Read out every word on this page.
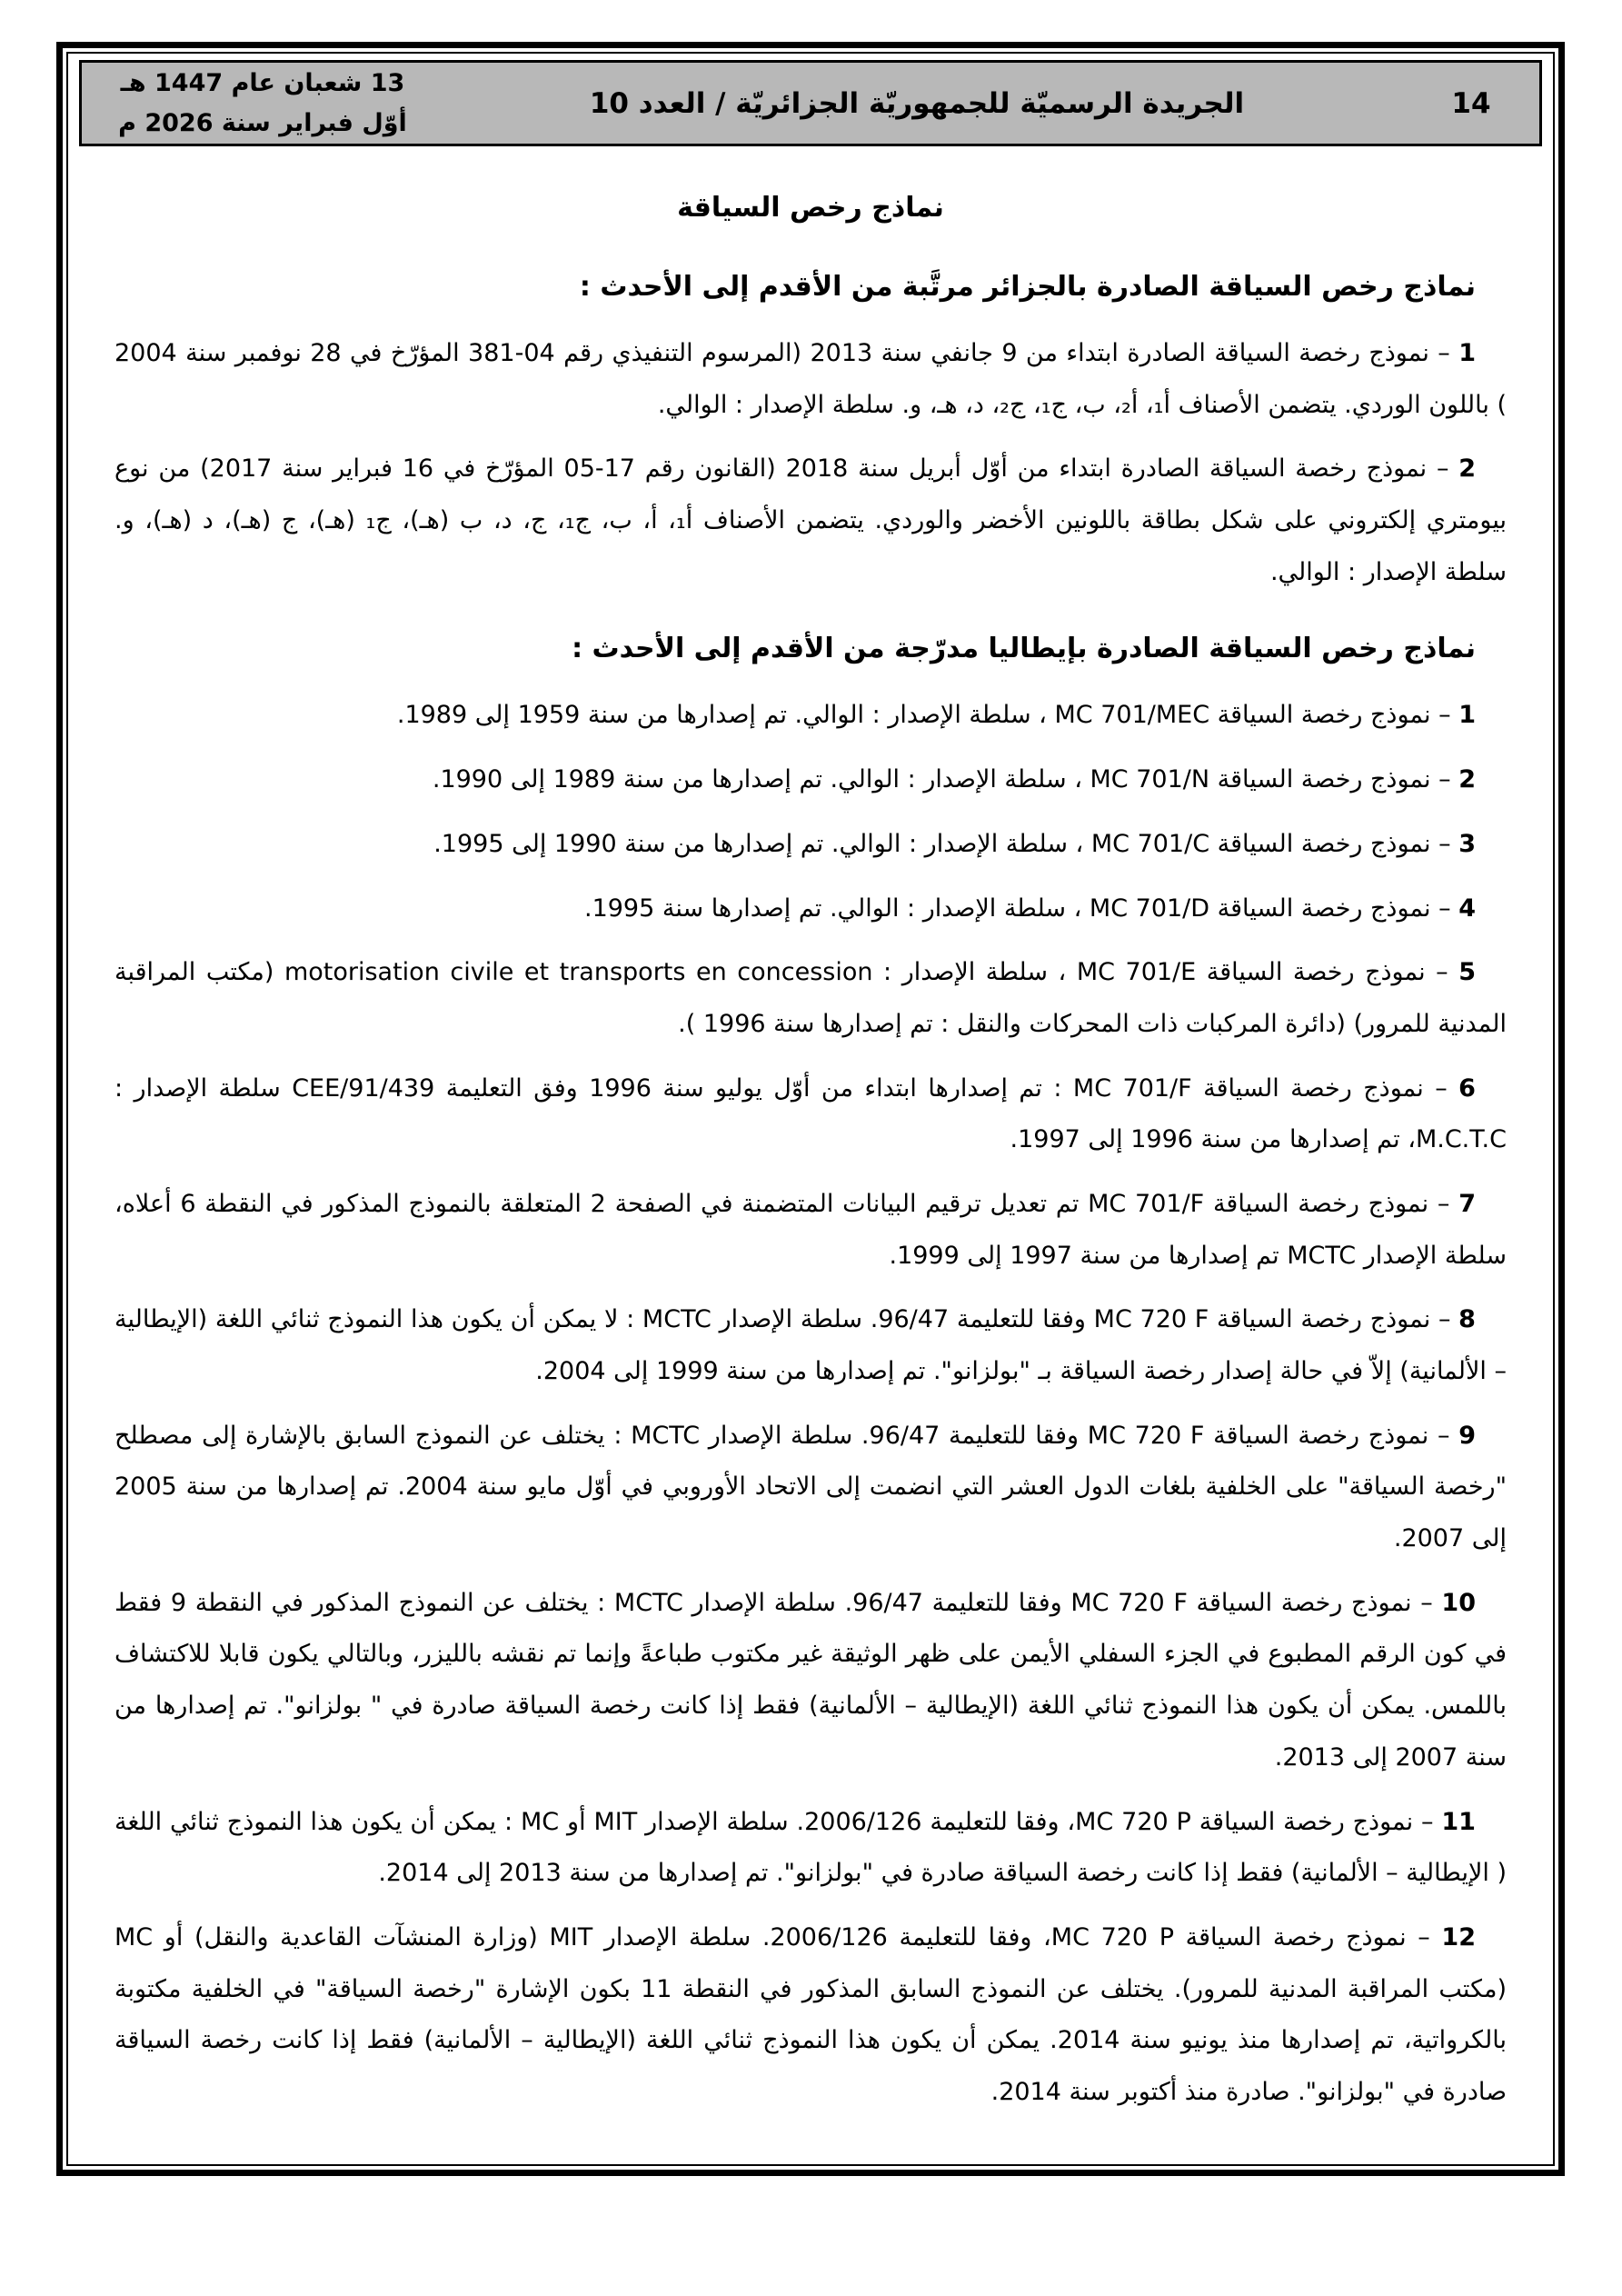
14
الجريدة الرسميّة للجمهوريّة الجزائريّة / العدد 10
13 شعبان عام 1447 هـ
أوّل فبراير سنة 2026 م
نماذج رخص السياقة
نماذج رخص السياقة الصادرة بالجزائر مرتَّبة من الأقدم إلى الأحدث :

1 – نموذج رخصة السياقة الصادرة ابتداء من 9 جانفي سنة 2013 (المرسوم التنفيذي رقم 04-381 المؤرّخ في 28 نوفمبر سنة 2004 ) باللون الوردي. يتضمن الأصناف أ₁، أ₂، ب، ج₁، ج₂، د، هـ، و. سلطة الإصدار : الوالي.

2 – نموذج رخصة السياقة الصادرة ابتداء من أوّل أبريل سنة 2018 (القانون رقم 17-05 المؤرّخ في 16 فبراير سنة 2017) من نوع بيومتري إلكتروني على شكل بطاقة باللونين الأخضر والوردي. يتضمن الأصناف أ₁، أ، ب، ج₁، ج، د، ب (هـ)، ج₁ (هـ)، ج (هـ)، د (هـ)، و. سلطة الإصدار : الوالي.

نماذج رخص السياقة الصادرة بإيطاليا مدرّجة من الأقدم إلى الأحدث :

1 – نموذج رخصة السياقة MC 701/MEC ، سلطة الإصدار : الوالي. تم إصدارها من سنة 1959 إلى 1989.

2 – نموذج رخصة السياقة MC 701/N ، سلطة الإصدار : الوالي. تم إصدارها من سنة 1989 إلى 1990.

3 – نموذج رخصة السياقة MC 701/C ، سلطة الإصدار : الوالي. تم إصدارها من سنة 1990 إلى 1995.

4 – نموذج رخصة السياقة MC 701/D ، سلطة الإصدار : الوالي. تم إصدارها سنة 1995.

5 – نموذج رخصة السياقة MC 701/E ، سلطة الإصدار : motorisation civile et transports en concession (مكتب المراقبة المدنية للمرور) (دائرة المركبات ذات المحركات والنقل : تم إصدارها سنة 1996 ).

6 – نموذج رخصة السياقة MC 701/F : تم إصدارها ابتداء من أوّل يوليو سنة 1996 وفق التعليمة 91/439/CEE سلطة الإصدار : M.C.T.C، تم إصدارها من سنة 1996 إلى 1997.

7 – نموذج رخصة السياقة MC 701/F تم تعديل ترقيم البيانات المتضمنة في الصفحة 2 المتعلقة بالنموذج المذكور في النقطة 6 أعلاه، سلطة الإصدار MCTC تم إصدارها من سنة 1997 إلى 1999.

8 – نموذج رخصة السياقة MC 720 F وفقا للتعليمة 96/47. سلطة الإصدار MCTC : لا يمكن أن يكون هذا النموذج ثنائي اللغة (الإيطالية – الألمانية) إلاّ في حالة إصدار رخصة السياقة بـ "بولزانو". تم إصدارها من سنة 1999 إلى 2004.

9 – نموذج رخصة السياقة MC 720 F وفقا للتعليمة 96/47. سلطة الإصدار MCTC : يختلف عن النموذج السابق بالإشارة إلى مصطلح "رخصة السياقة" على الخلفية بلغات الدول العشر التي انضمت إلى الاتحاد الأوروبي في أوّل مايو سنة 2004. تم إصدارها من سنة 2005 إلى 2007.

10 – نموذج رخصة السياقة MC 720 F وفقا للتعليمة 96/47. سلطة الإصدار MCTC : يختلف عن النموذج المذكور في النقطة 9 فقط في كون الرقم المطبوع في الجزء السفلي الأيمن على ظهر الوثيقة غير مكتوب طباعةً وإنما تم نقشه بالليزر، وبالتالي يكون قابلا للاكتشاف باللمس. يمكن أن يكون هذا النموذج ثنائي اللغة (الإيطالية – الألمانية) فقط إذا كانت رخصة السياقة صادرة في " بولزانو". تم إصدارها من سنة 2007 إلى 2013.

11 – نموذج رخصة السياقة MC 720 P، وفقا للتعليمة 2006/126. سلطة الإصدار MIT أو MC : يمكن أن يكون هذا النموذج ثنائي اللغة ( الإيطالية – الألمانية) فقط إذا كانت رخصة السياقة صادرة في "بولزانو". تم إصدارها من سنة 2013 إلى 2014.

12 – نموذج رخصة السياقة MC 720 P، وفقا للتعليمة 2006/126. سلطة الإصدار MIT (وزارة المنشآت القاعدية والنقل) أو MC (مكتب المراقبة المدنية للمرور). يختلف عن النموذج السابق المذكور في النقطة 11 بكون الإشارة "رخصة السياقة" في الخلفية مكتوبة بالكرواتية، تم إصدارها منذ يونيو سنة 2014. يمكن أن يكون هذا النموذج ثنائي اللغة (الإيطالية – الألمانية) فقط إذا كانت رخصة السياقة صادرة في "بولزانو". صادرة منذ أكتوبر سنة 2014.
